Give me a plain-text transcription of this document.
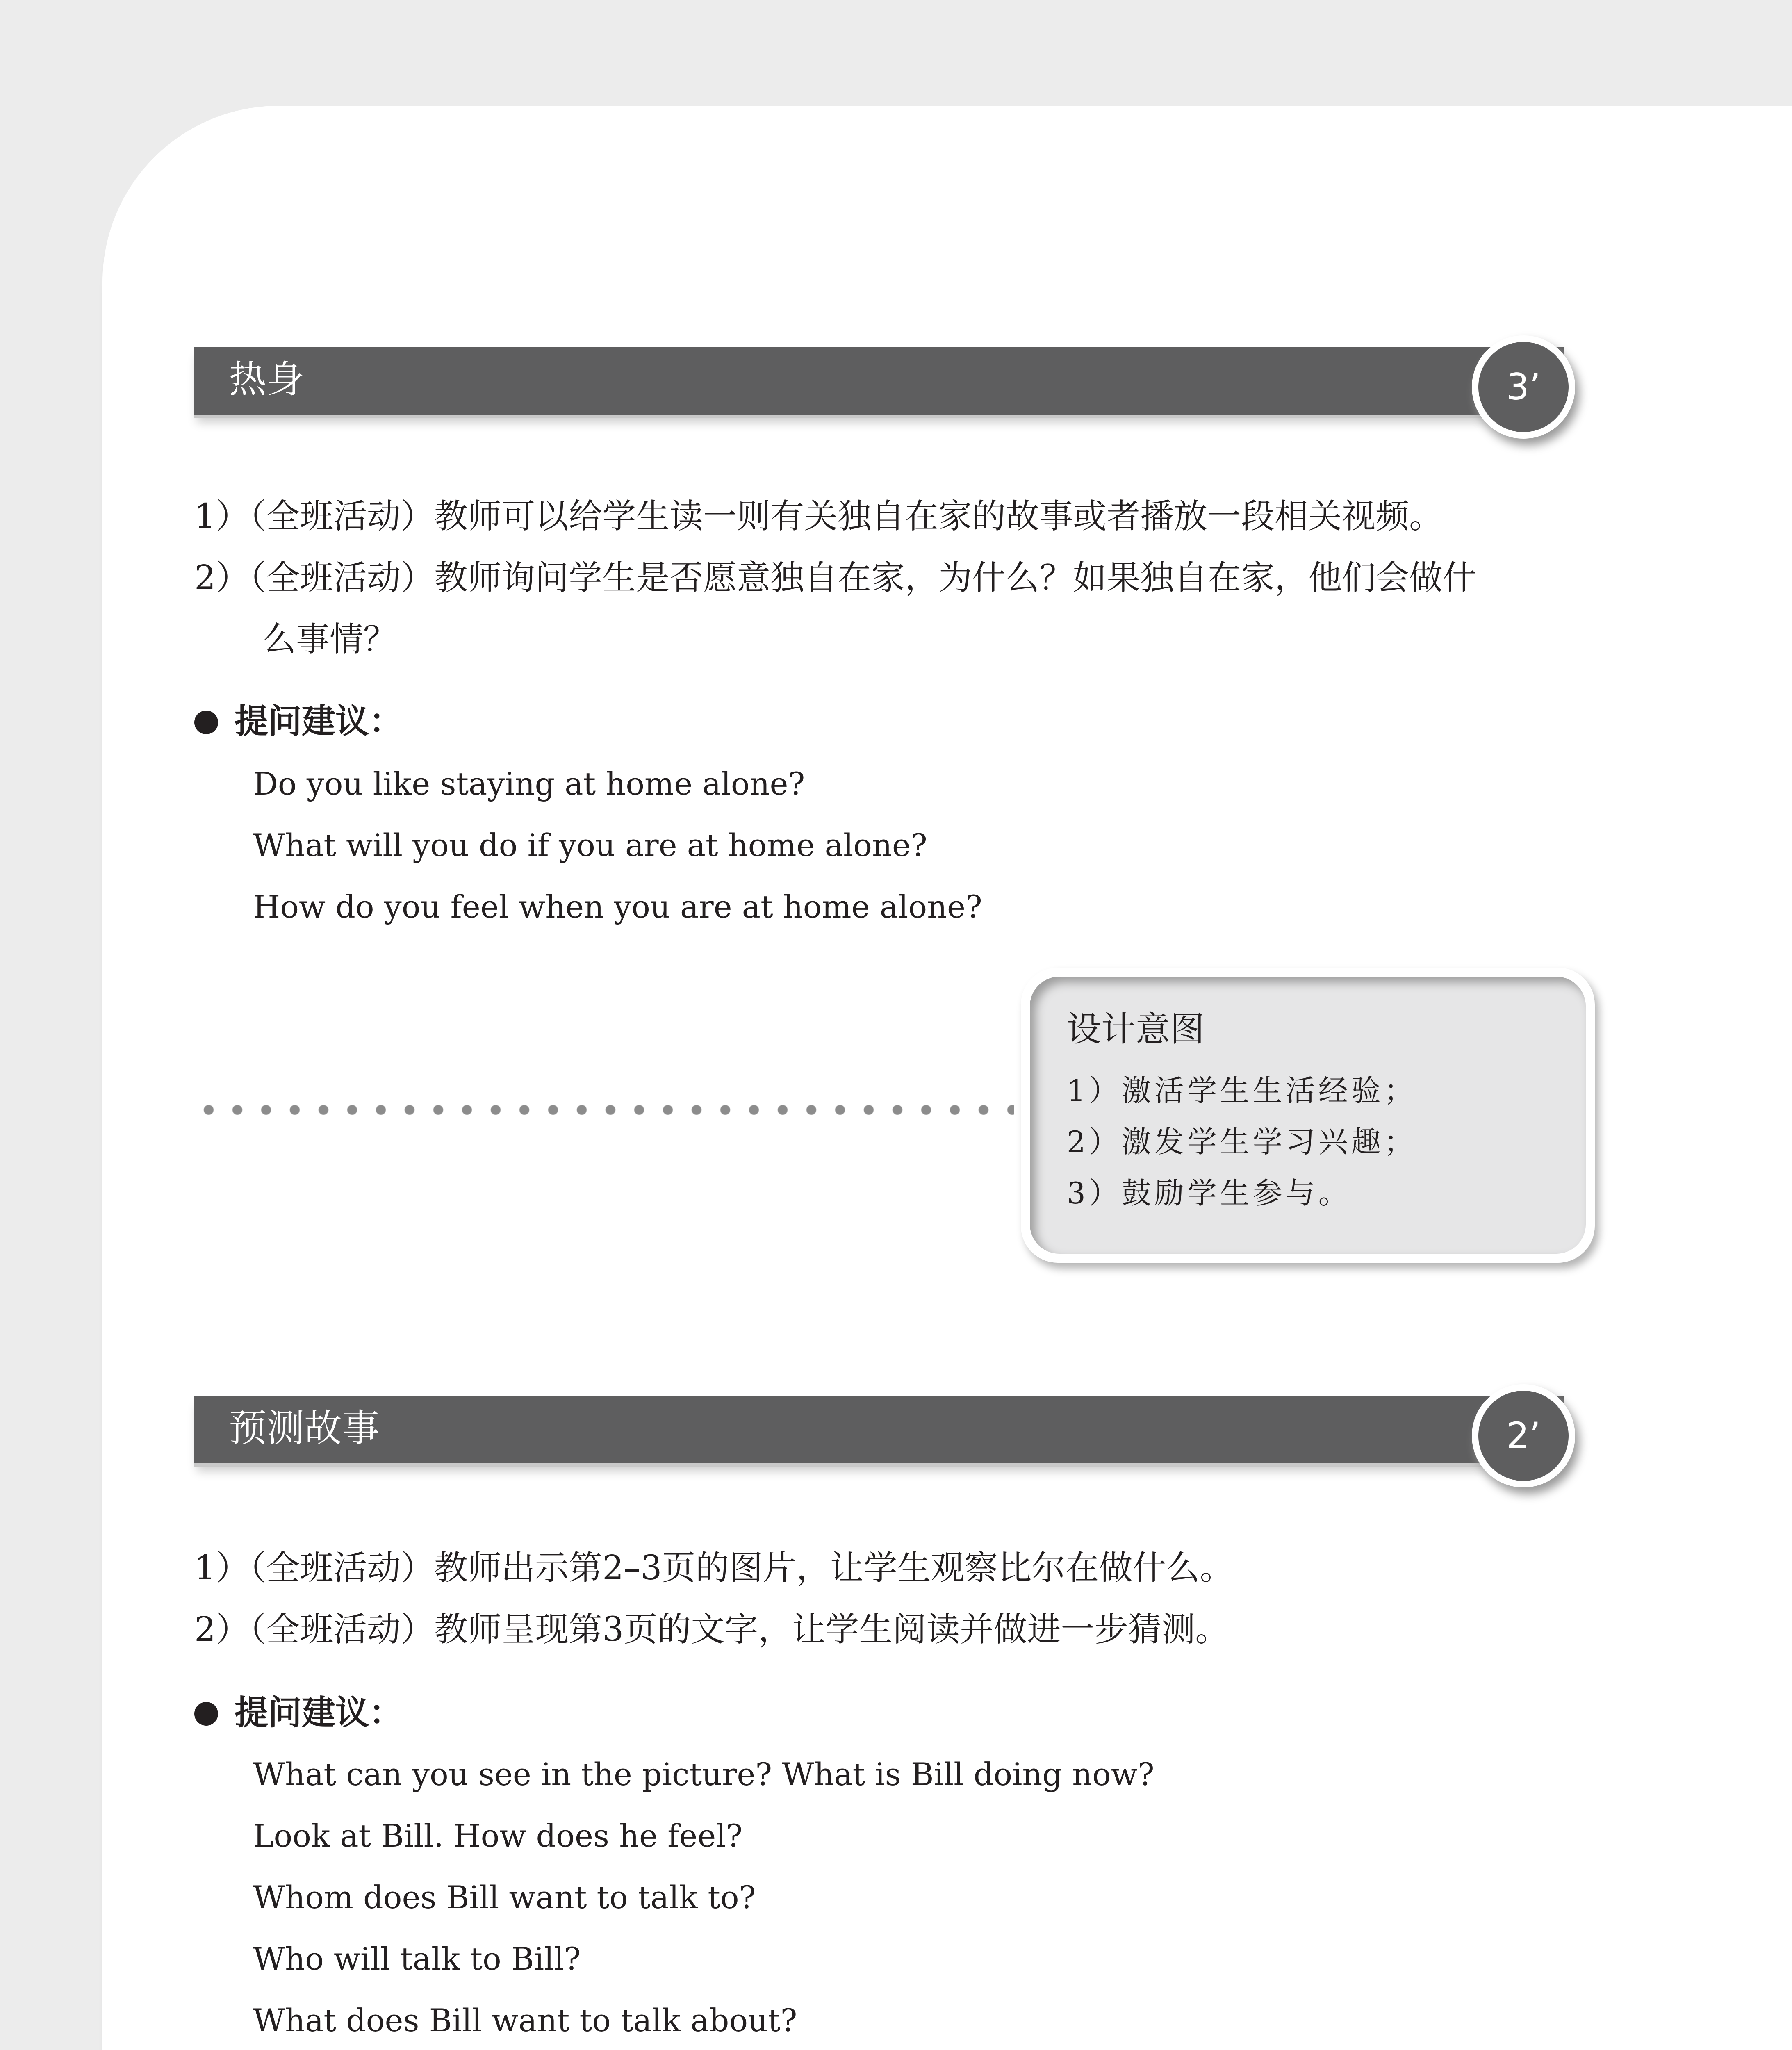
热身	3’
1）（全班活动）教师可以给学生读一则有关独自在家的故事或者播放一段相关视频。
2）（全班活动）教师询问学生是否愿意独自在家，为什么？如果独自在家，他们会做什
么事情？
提问建议：
Do you like staying at home alone?
What will you do if you are at home alone?
How do you feel when you are at home alone?
设计意图
1）激活学生生活经验；
2）激发学生学习兴趣；
3）鼓励学生参与。
预测故事	2’
1）（全班活动）教师出示第2–3页的图片，让学生观察比尔在做什么。
2）（全班活动）教师呈现第3页的文字，让学生阅读并做进一步猜测。
提问建议：
What can you see in the picture? What is Bill doing now?
Look at Bill. How does he feel?
Whom does Bill want to talk to?
Who will talk to Bill?
What does Bill want to talk about?
